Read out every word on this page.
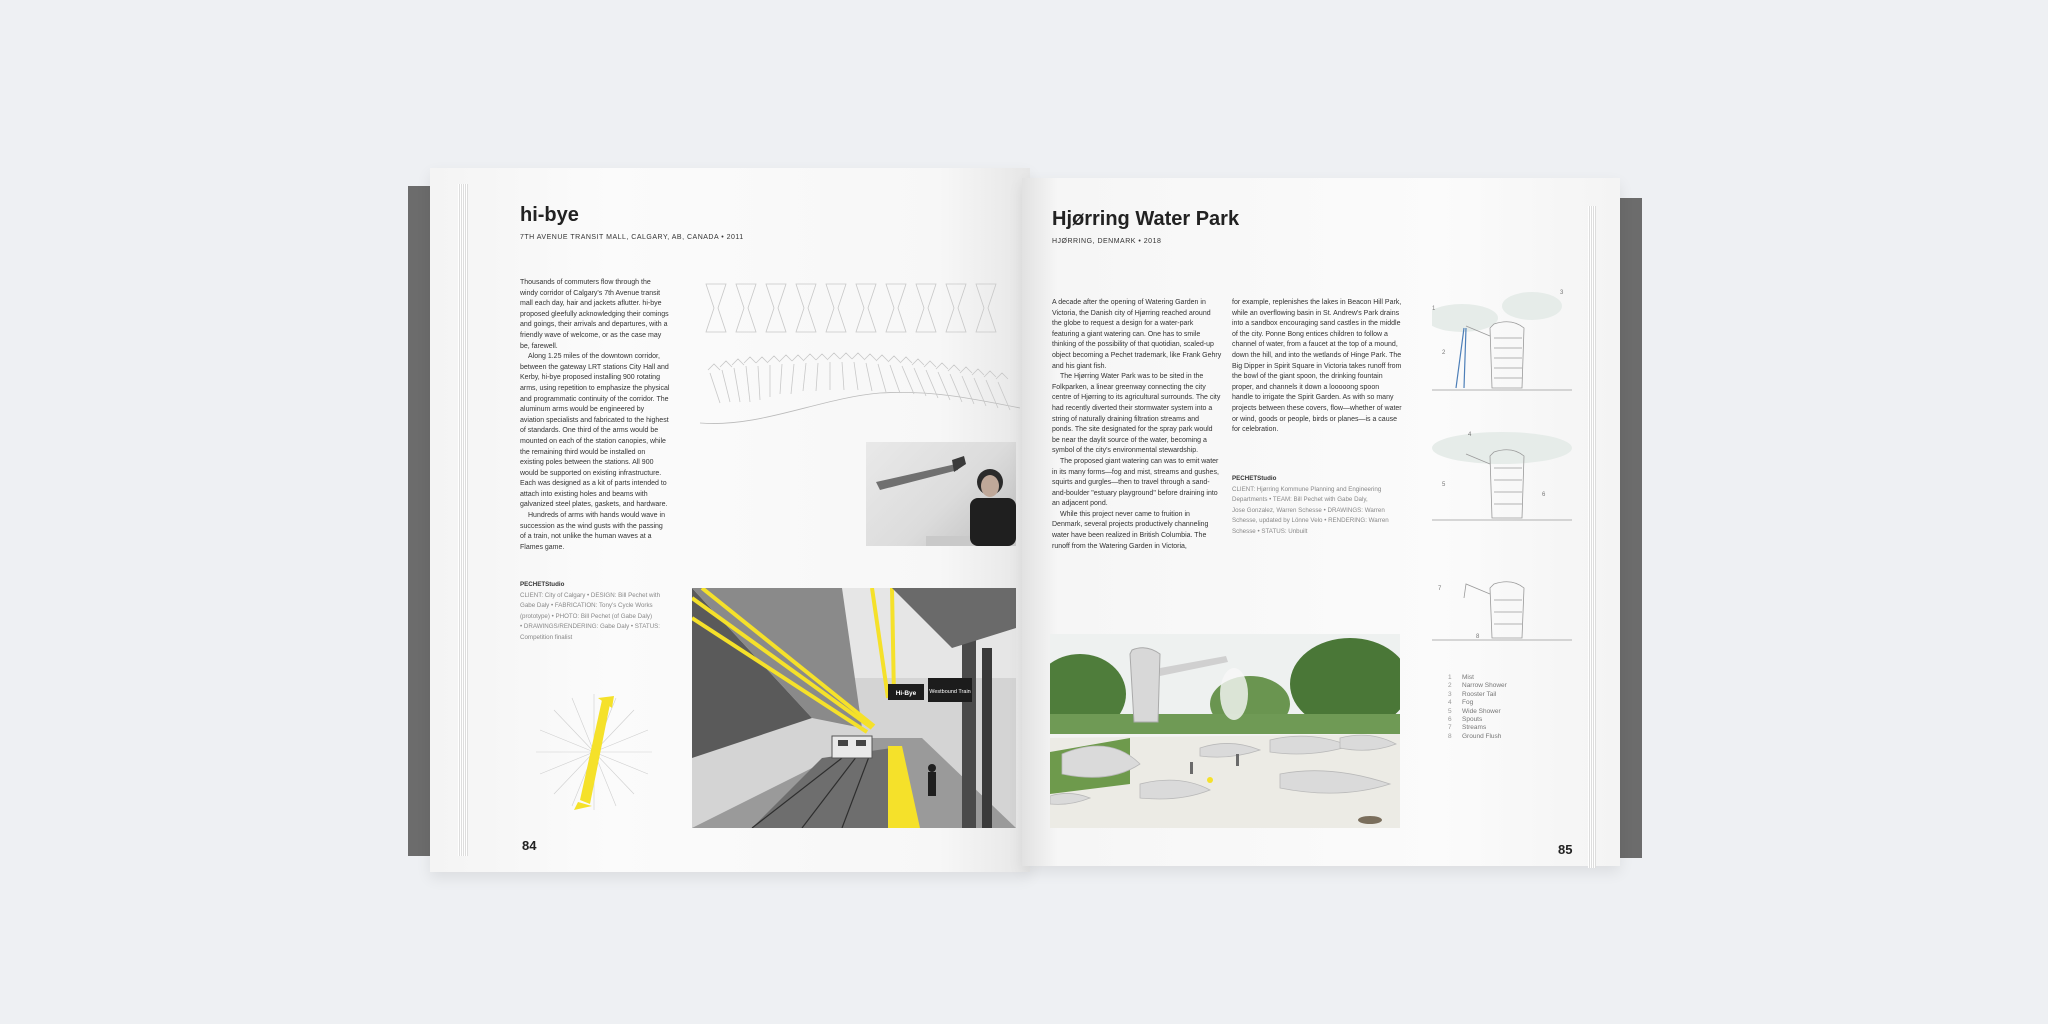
hi-bye
7TH AVENUE TRANSIT MALL, CALGARY, AB, CANADA • 2011

Thousands of commuters flow through the windy corridor of Calgary's 7th Avenue transit mall each day, hair and jackets aflutter. hi-bye proposed gleefully acknowledging their comings and goings, their arrivals and departures, with a friendly wave of welcome, or as the case may be, farewell.

Along 1.25 miles of the downtown corridor, between the gateway LRT stations City Hall and Kerby, hi-bye proposed installing 900 rotating arms, using repetition to emphasize the physical and programmatic continuity of the corridor. The aluminum arms would be engineered by aviation specialists and fabricated to the highest of standards. One third of the arms would be mounted on each of the station canopies, while the remaining third would be installed on existing poles between the stations. All 900 would be supported on existing infrastructure. Each was designed as a kit of parts intended to attach into existing holes and beams with galvanized steel plates, gaskets, and hardware.

Hundreds of arms with hands would wave in succession as the wind gusts with the passing of a train, not unlike the human waves at a Flames game.

PECHETStudio
CLIENT: City of Calgary • DESIGN: Bill Pechet with
Gabe Daly • FABRICATION: Tony's Cycle Works
(prototype) • PHOTO: Bill Pechet (of Gabe Daly)
• DRAWINGS/RENDERING: Gabe Daly • STATUS:
Competition finalist
Hi-Bye Westbound Train
84
Hjørring Water Park
HJØRRING, DENMARK • 2018

A decade after the opening of Watering Garden in Victoria, the Danish city of Hjørring reached around the globe to request a design for a water-park featuring a giant watering can. One has to smile thinking of the possibility of that quotidian, scaled-up object becoming a Pechet trademark, like Frank Gehry and his giant fish.

The Hjørring Water Park was to be sited in the Folkparken, a linear greenway connecting the city centre of Hjørring to its agricultural surrounds. The city had recently diverted their stormwater system into a string of naturally draining filtration streams and ponds. The site designated for the spray park would be near the daylit source of the water, becoming a symbol of the city's environmental stewardship.

The proposed giant watering can was to emit water in its many forms—fog and mist, streams and gushes, squirts and gurgles—then to travel through a sand-and-boulder "estuary playground" before draining into an adjacent pond.

While this project never came to fruition in Denmark, several projects productively channeling water have been realized in British Columbia. The runoff from the Watering Garden in Victoria,

for example, replenishes the lakes in Beacon Hill Park, while an overflowing basin in St. Andrew's Park drains into a sandbox encouraging sand castles in the middle of the city. Ponne Bong entices children to follow a channel of water, from a faucet at the top of a mound, down the hill, and into the wetlands of Hinge Park. The Big Dipper in Spirit Square in Victoria takes runoff from the bowl of the giant spoon, the drinking fountain proper, and channels it down a looooong spoon handle to irrigate the Spirit Garden. As with so many projects between these covers, flow—whether of water or wind, goods or people, birds or planes—is a cause for celebration.

PECHETStudio
CLIENT: Hjørring Kommune Planning and Engineering
Departments • TEAM: Bill Pechet with Gabe Daly,
Jose Gonzalez, Warren Schesse • DRAWINGS: Warren
Schesse, updated by Lönne Velo • RENDERING: Warren
Schesse • STATUS: Unbuilt
1
2
3
4
5
6
7
8
1 Mist
2 Narrow Shower
3 Rooster Tail
4 Fog
5 Wide Shower
6 Spouts
7 Streams
8 Ground Flush
85
